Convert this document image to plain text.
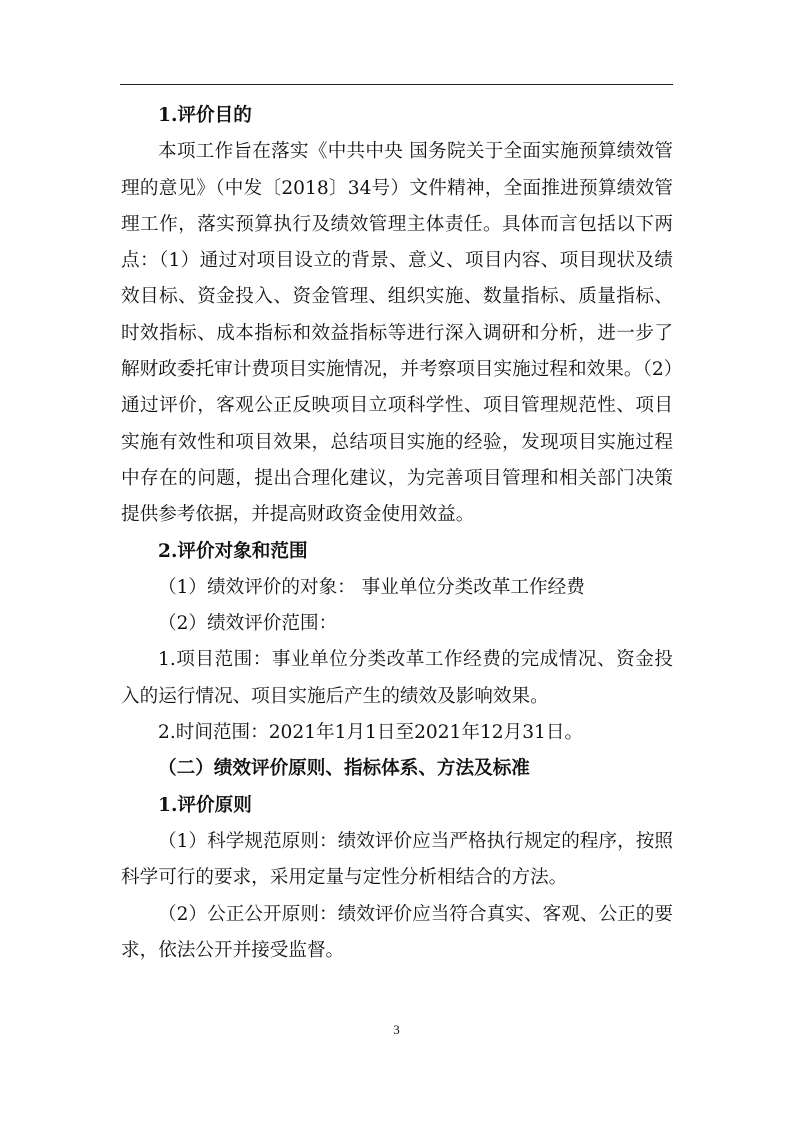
1.评价目的

本项工作旨在落实《中共中央 国务院关于全面实施预算绩效管理的意见》（中发〔2018〕34号）文件精神，全面推进预算绩效管理工作，落实预算执行及绩效管理主体责任。具体而言包括以下两点：（1）通过对项目设立的背景、意义、项目内容、项目现状及绩效目标、资金投入、资金管理、组织实施、数量指标、质量指标、时效指标、成本指标和效益指标等进行深入调研和分析，进一步了解财政委托审计费项目实施情况，并考察项目实施过程和效果。（2）通过评价，客观公正反映项目立项科学性、项目管理规范性、项目实施有效性和项目效果，总结项目实施的经验，发现项目实施过程中存在的问题，提出合理化建议，为完善项目管理和相关部门决策提供参考依据，并提高财政资金使用效益。

2.评价对象和范围

（1）绩效评价的对象： 事业单位分类改革工作经费

（2）绩效评价范围：

1.项目范围：事业单位分类改革工作经费的完成情况、资金投入的运行情况、项目实施后产生的绩效及影响效果。

2.时间范围：2021年1月1日至2021年12月31日。

（二）绩效评价原则、指标体系、方法及标准

1.评价原则

（1）科学规范原则：绩效评价应当严格执行规定的程序，按照科学可行的要求，采用定量与定性分析相结合的方法。

（2）公正公开原则：绩效评价应当符合真实、客观、公正的要求，依法公开并接受监督。

3
